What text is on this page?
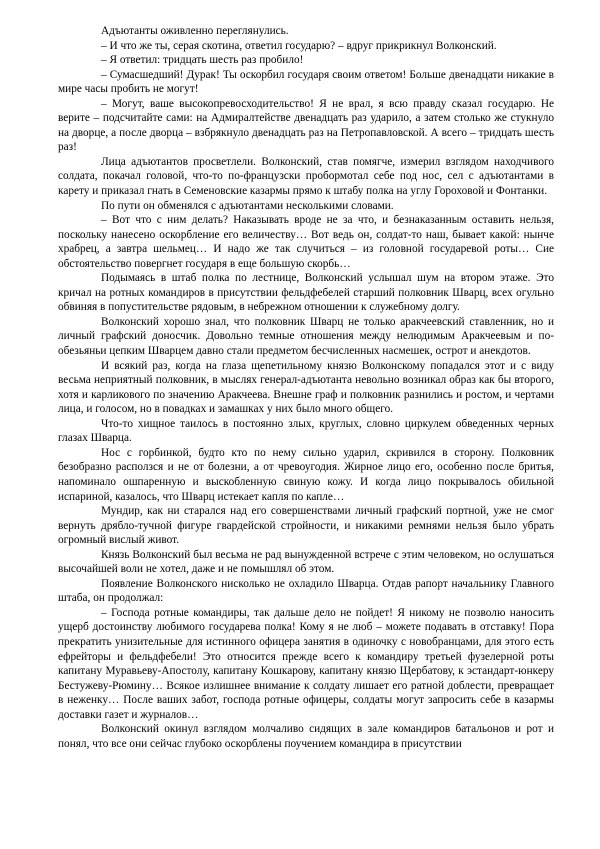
Адъютанты оживленно переглянулись.

– И что же ты, серая скотина, ответил государю? – вдруг прикрикнул Волконский.

– Я ответил: тридцать шесть раз пробило!

– Сумасшедший! Дурак! Ты оскорбил государя своим ответом! Больше двенадцати никакие в мире часы пробить не могут!

– Могут, ваше высокопревосходительство! Я не врал, я всю правду сказал государю. Не верите – подсчитайте сами: на Адмиралтействе двенадцать раз ударило, а затем столько же стукнуло на дворце, а после дворца – взбрякнуло двенадцать раз на Петропавловской. А всего – тридцать шесть раз!

Лица адъютантов просветлели. Волконский, став помягче, измерил взглядом находчивого солдата, покачал головой, что-то по-французски пробормотал себе под нос, сел с адъютантами в карету и приказал гнать в Семеновские казармы прямо к штабу полка на углу Гороховой и Фонтанки.

По пути он обменялся с адъютантами несколькими словами.

– Вот что с ним делать? Наказывать вроде не за что, и безнаказанным оставить нельзя, поскольку нанесено оскорбление его величеству… Вот ведь он, солдат-то наш, бывает какой: нынче храбрец, а завтра шельмец… И надо же так случиться – из головной государевой роты… Сие обстоятельство повергнет государя в еще большую скорбь…

Подымаясь в штаб полка по лестнице, Волконский услышал шум на втором этаже. Это кричал на ротных командиров в присутствии фельдфебелей старший полковник Шварц, всех огульно обвиняя в попустительстве рядовым, в небрежном отношении к служебному долгу.

Волконский хорошо знал, что полковник Шварц не только аракчеевский ставленник, но и личный графский доносчик. Довольно темные отношения между нелюдимым Аракчеевым и по-обезьяньи цепким Шварцем давно стали предметом бесчисленных насмешек, острот и анекдотов.

И всякий раз, когда на глаза щепетильному князю Волконскому попадался этот и с виду весьма неприятный полковник, в мыслях генерал-адъютанта невольно возникал образ как бы второго, хотя и карликового по значению Аракчеева. Внешне граф и полковник разнились и ростом, и чертами лица, и голосом, но в повадках и замашках у них было много общего.

Что-то хищное таилось в постоянно злых, круглых, словно циркулем обведенных черных глазах Шварца.

Нос с горбинкой, будто кто по нему сильно ударил, скривился в сторону. Полковник безобразно расползся и не от болезни, а от чревоугодия. Жирное лицо его, особенно после бритья, напоминало ошпаренную и выскобленную свиную кожу. И когда лицо покрывалось обильной испариной, казалось, что Шварц истекает капля по капле…

Мундир, как ни старался над его совершенствами личный графский портной, уже не смог вернуть дрябло-тучной фигуре гвардейской стройности, и никакими ремнями нельзя было убрать огромный вислый живот.

Князь Волконский был весьма не рад вынужденной встрече с этим человеком, но ослушаться высочайшей воли не хотел, даже и не помышлял об этом.

Появление Волконского нисколько не охладило Шварца. Отдав рапорт начальнику Главного штаба, он продолжал:

– Господа ротные командиры, так дальше дело не пойдет! Я никому не позволю наносить ущерб достоинству любимого государева полка! Кому я не люб – можете подавать в отставку! Пора прекратить унизительные для истинного офицера занятия в одиночку с новобранцами, для этого есть ефрейторы и фельдфебели! Это относится прежде всего к командиру третьей фузелерной роты капитану Муравьеву-Апостолу, капитану Кошкарову, капитану князю Щербатову, к эстандарт-юнкеру Бестужеву-Рюмину… Всякое излишнее внимание к солдату лишает его ратной доблести, превращает в неженку… После ваших забот, господа ротные офицеры, солдаты могут запросить себе в казармы доставки газет и журналов…

Волконский окинул взглядом молчаливо сидящих в зале командиров батальонов и рот и понял, что все они сейчас глубоко оскорблены поучением командира в присутствии
